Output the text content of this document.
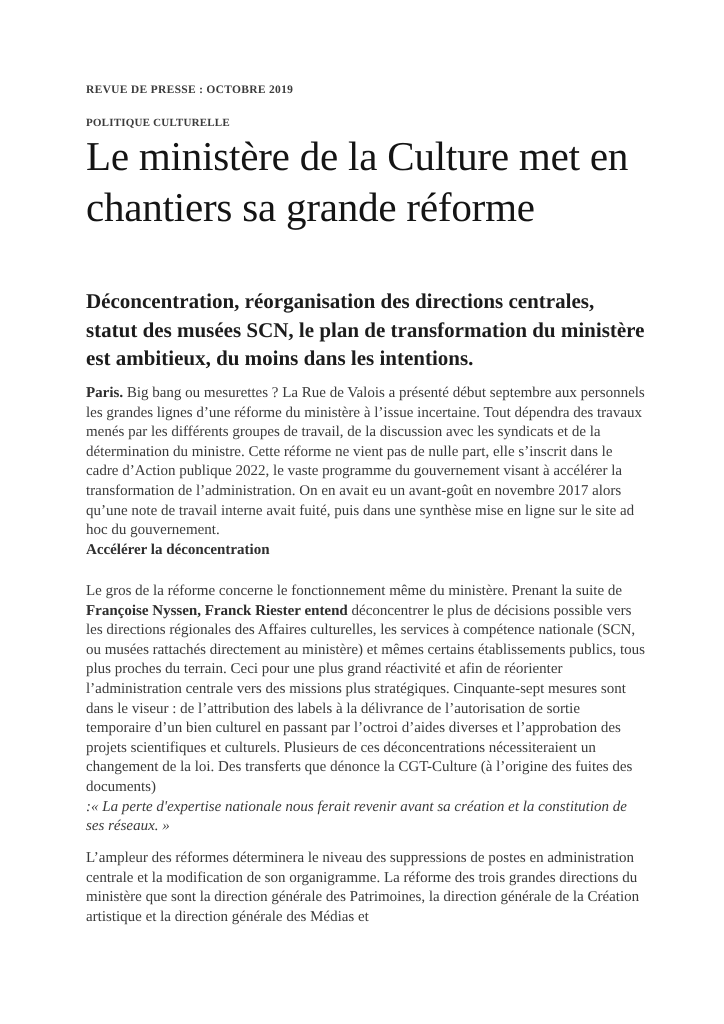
REVUE DE PRESSE : OCTOBRE 2019
POLITIQUE CULTURELLE
Le ministère de la Culture met en chantiers sa grande réforme

Déconcentration, réorganisation des directions centrales, statut des musées SCN, le plan de transformation du ministère est ambitieux, du moins dans les intentions.

Paris. Big bang ou mesurettes ? La Rue de Valois a présenté début septembre aux personnels les grandes lignes d’une réforme du ministère à l’issue incertaine. Tout dépendra des travaux menés par les différents groupes de travail, de la discussion avec les syndicats et de la détermination du ministre. Cette réforme ne vient pas de nulle part, elle s’inscrit dans le cadre d’Action publique 2022, le vaste programme du gouvernement visant à accélérer la transformation de l’administration. On en avait eu un avant-goût en novembre 2017 alors qu’une note de travail interne avait fuité, puis dans une synthèse mise en ligne sur le site ad hoc du gouvernement.
Accélérer la déconcentration

Le gros de la réforme concerne le fonctionnement même du ministère. Prenant la suite de Françoise Nyssen, Franck Riester entend déconcentrer le plus de décisions possible vers les directions régionales des Affaires culturelles, les services à compétence nationale (SCN, ou musées rattachés directement au ministère) et mêmes certains établissements publics, tous plus proches du terrain. Ceci pour une plus grand réactivité et afin de réorienter l’administration centrale vers des missions plus stratégiques. Cinquante-sept mesures sont dans le viseur : de l’attribution des labels à la délivrance de l’autorisation de sortie temporaire d’un bien culturel en passant par l’octroi d’aides diverses et l’approbation des projets scientifiques et culturels. Plusieurs de ces déconcentrations nécessiteraient un changement de la loi. Des transferts que dénonce la CGT-Culture (à l’origine des fuites des documents)
:« La perte d'expertise nationale nous ferait revenir avant sa création et la constitution de ses réseaux. »

L’ampleur des réformes déterminera le niveau des suppressions de postes en administration centrale et la modification de son organigramme. La réforme des trois grandes directions du ministère que sont la direction générale des Patrimoines, la direction générale de la Création artistique et la direction générale des Médias et
